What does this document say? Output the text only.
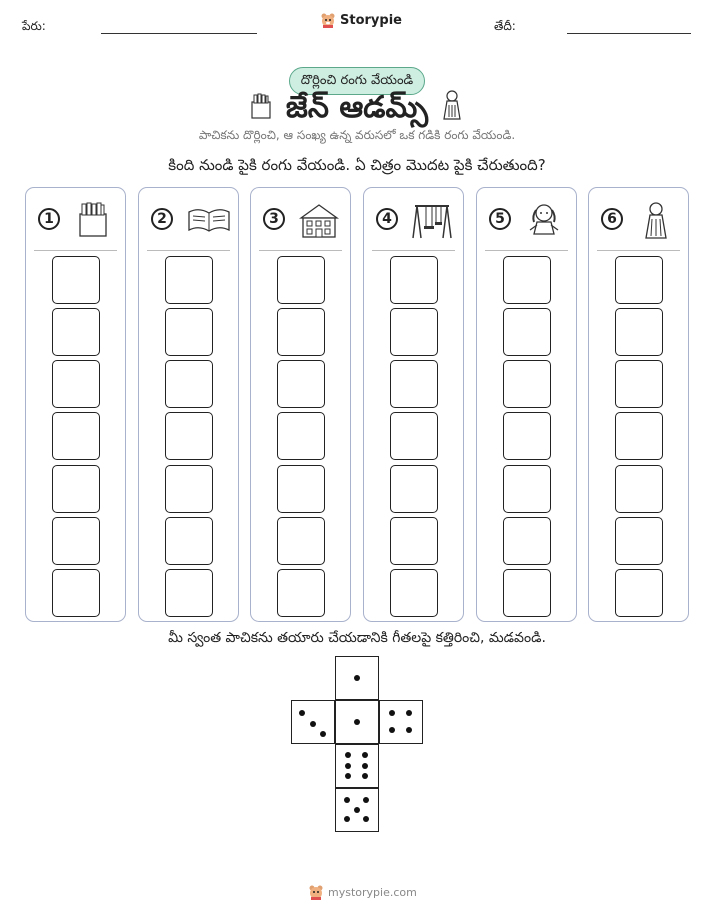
పేరు:	Storypie	తేదీ:
దొర్లించి రంగు వేయండి
జేన్ ఆడమ్స్
పాచికను దొర్లించి, ఆ సంఖ్య ఉన్న వరుసలో ఒక గడికి రంగు వేయండి.
కింది నుండి పైకి రంగు వేయండి. ఏ చిత్రం మొదట పైకి చేరుతుంది?
1	2	3	4	5	6
మీ స్వంత పాచికను తయారు చేయడానికి గీతలపై కత్తిరించి, మడవండి.
mystorypie.com
